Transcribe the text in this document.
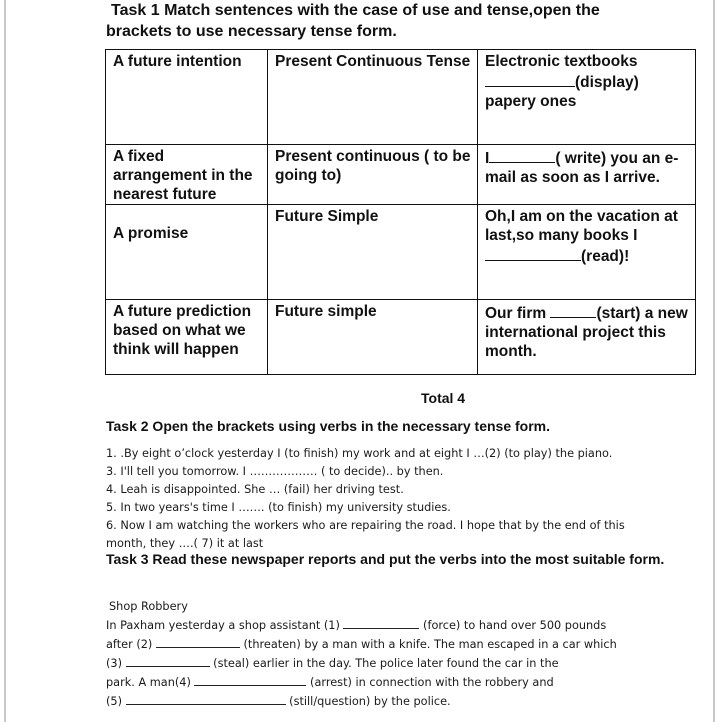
Task 1 Match sentences with the case of use and tense,open the
brackets to use necessary tense form.
A future intention	Present Continuous Tense	Electronic textbooks
(display) papery ones
A fixed arrangement in the nearest future	Present continuous ( to be going to)	I ( write) you an e-mail as soon as I arrive.
A promise	Future Simple	Oh,I am on the vacation at last,so many books I(read)!
A future prediction based on what we think will happen	Future simple	Our firm (start) a new international project this month.
Total 4
Task 2 Open the brackets using verbs in the necessary tense form.
1. .By eight o’clock yesterday I (to finish) my work and at eight I …(2) (to play) the piano.
3. I'll tell you tomorrow. I ……………… ( to decide).. by then.
4. Leah is disappointed. She … (fail) her driving test.
5. In two years's time I ……. (to finish) my university studies.
6. Now I am watching the workers who are repairing the road. I hope that by the end of this month, they ….( 7) it at last
Task 3 Read these newspaper reports and put the verbs into the most suitable form.
Shop Robbery
In Paxham yesterday a shop assistant (1)	(force) to hand over 500 pounds
after (2)	(threaten) by a man with a knife. The man escaped in a car which
(3)	(steal) earlier in the day. The police later found the car in the
park. A man(4)	(arrest) in connection with the robbery and
(5)	(still/question) by the police.
